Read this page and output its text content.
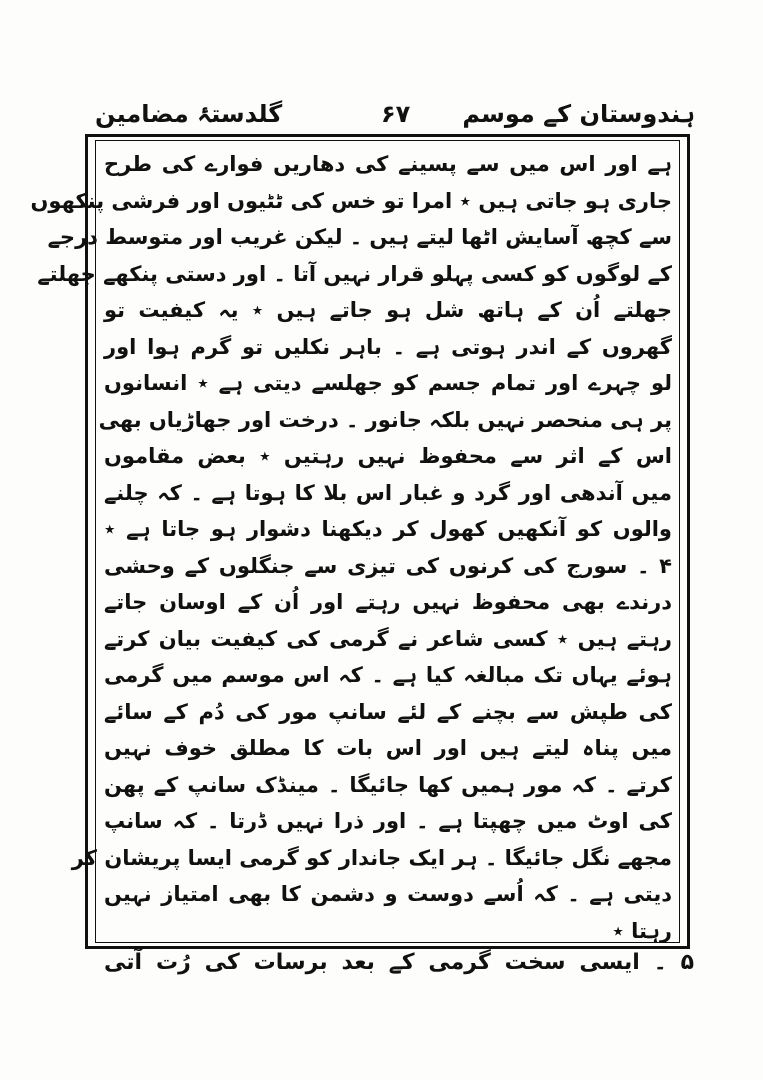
ہندوستان کے موسم
۶۷
گلدستۂ مضامین
ہے اور اس میں سے پسینے کی دھاریں فوارے کی طرح
جاری ہو جاتی ہیں ٭ امرا تو خس کی ٹٹیوں اور فرشی پنکھوں
سے کچھ آسایش اٹھا لیتے ہیں ۔ لیکن غریب اور متوسط درجے
کے لوگوں کو کسی پہلو قرار نہیں آتا ۔ اور دستی پنکھے جھلتے
جھلتے اُن کے ہاتھ شل ہو جاتے ہیں ٭ یہ کیفیت تو
گھروں کے اندر ہوتی ہے ۔ باہر نکلیں تو گرم ہوا اور
لو چہرے اور تمام جسم کو جھلسے دیتی ہے ٭ انسانوں
پر ہی منحصر نہیں بلکہ جانور ۔ درخت اور جھاڑیاں بھی
اس کے اثر سے محفوظ نہیں رہتیں ٭ بعض مقاموں
میں آندھی اور گرد و غبار اس بلا کا ہوتا ہے ۔ کہ چلنے
والوں کو آنکھیں کھول کر دیکھنا دشوار ہو جاتا ہے ٭
۴ ۔ سورج کی کرنوں کی تیزی سے جنگلوں کے وحشی
درندے بھی محفوظ نہیں رہتے اور اُن کے اوسان جاتے
رہتے ہیں ٭ کسی شاعر نے گرمی کی کیفیت بیان کرتے
ہوئے یہاں تک مبالغہ کیا ہے ۔ کہ اس موسم میں گرمی
کی طپش سے بچنے کے لئے سانپ مور کی دُم کے سائے
میں پناہ لیتے ہیں اور اس بات کا مطلق خوف نہیں
کرتے ۔ کہ مور ہمیں کھا جائیگا ۔ مینڈک سانپ کے پھن
کی اوٹ میں چھپتا ہے ۔ اور ذرا نہیں ڈرتا ۔ کہ سانپ
مجھے نگل جائیگا ۔ ہر ایک جاندار کو گرمی ایسا پریشان کر
دیتی ہے ۔ کہ اُسے دوست و دشمن کا بھی امتیاز نہیں
رہتا ٭
۵ ۔ ایسی سخت گرمی کے بعد برسات کی رُت آتی
